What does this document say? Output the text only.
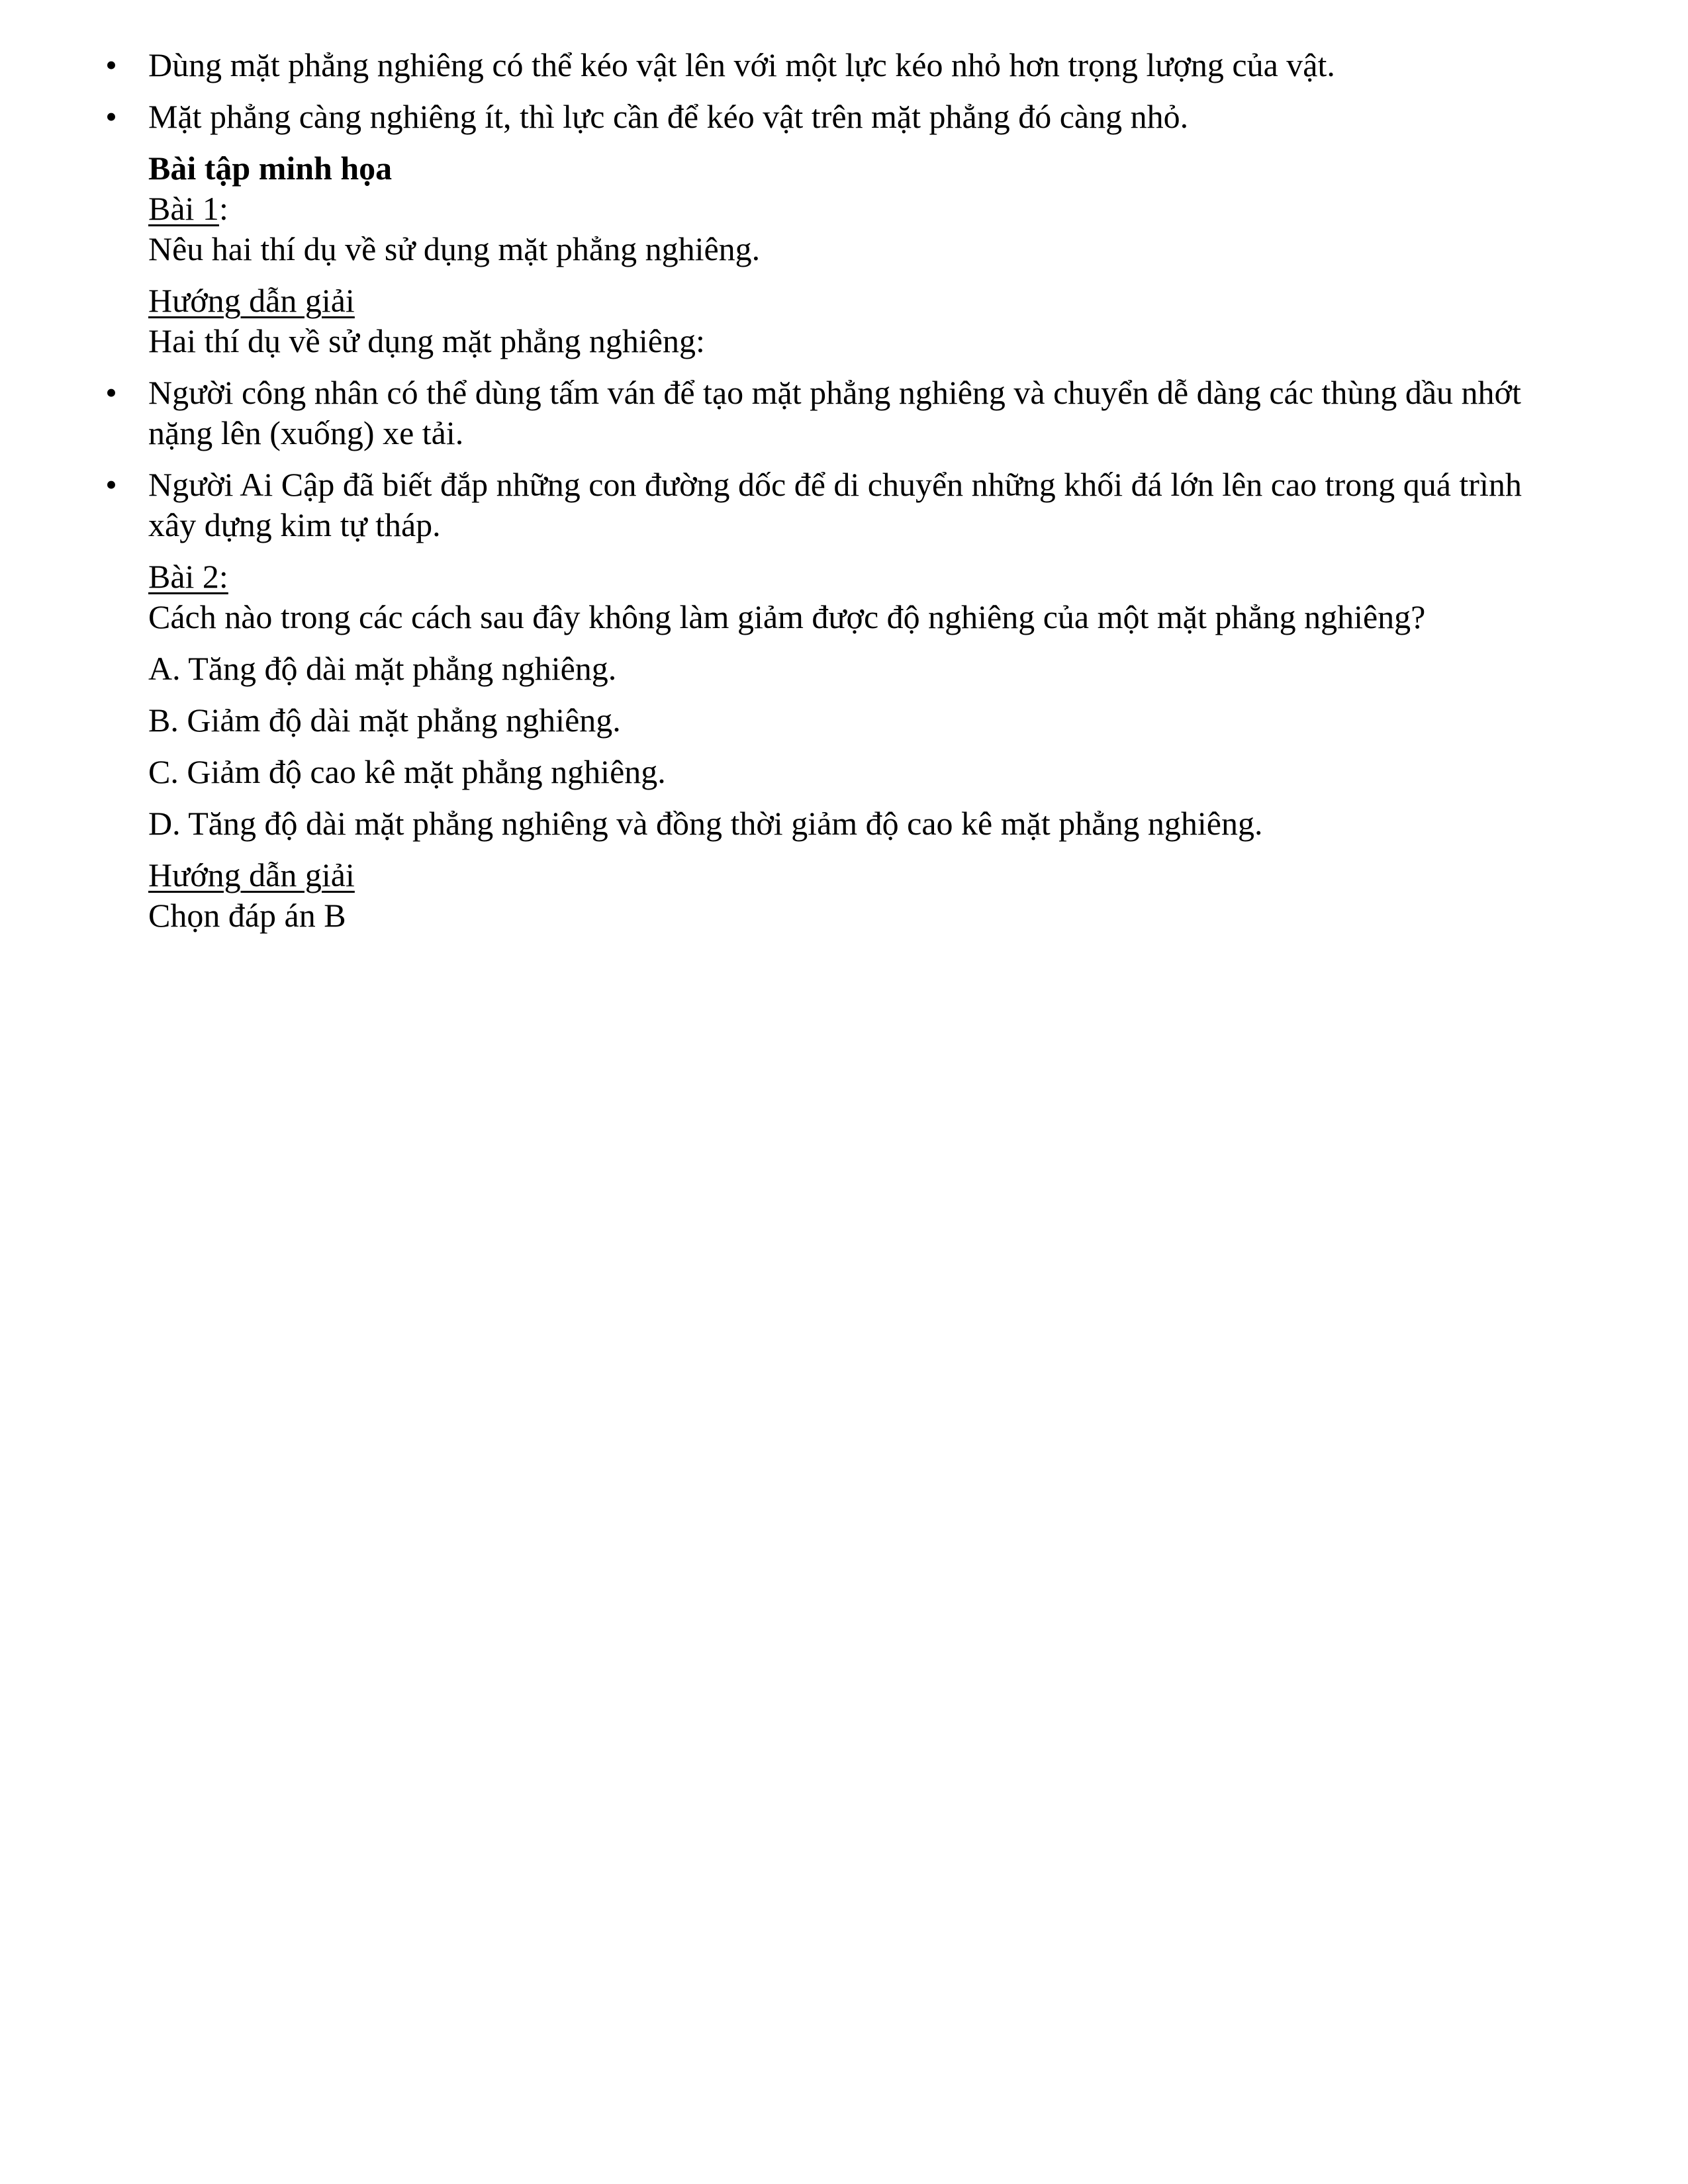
• Dùng mặt phẳng nghiêng có thể kéo vật lên với một lực kéo nhỏ hơn trọng lượng của vật.
• Mặt phẳng càng nghiêng ít, thì lực cần để kéo vật trên mặt phẳng đó càng nhỏ.
Bài tập minh họa
Bài 1:
Nêu hai thí dụ về sử dụng mặt phẳng nghiêng.
Hướng dẫn giải
Hai thí dụ về sử dụng mặt phẳng nghiêng:
• Người công nhân có thể dùng tấm ván để tạo mặt phẳng nghiêng và chuyển dễ dàng các thùng dầu nhớt nặng lên (xuống) xe tải.
• Người Ai Cập đã biết đắp những con đường dốc để di chuyển những khối đá lớn lên cao trong quá trình xây dựng kim tự tháp.
Bài 2:
Cách nào trong các cách sau đây không làm giảm được độ nghiêng của một mặt phẳng nghiêng?
A. Tăng độ dài mặt phẳng nghiêng.
B. Giảm độ dài mặt phẳng nghiêng.
C. Giảm độ cao kê mặt phẳng nghiêng.
D. Tăng độ dài mặt phẳng nghiêng và đồng thời giảm độ cao kê mặt phẳng nghiêng.
Hướng dẫn giải
Chọn đáp án B
